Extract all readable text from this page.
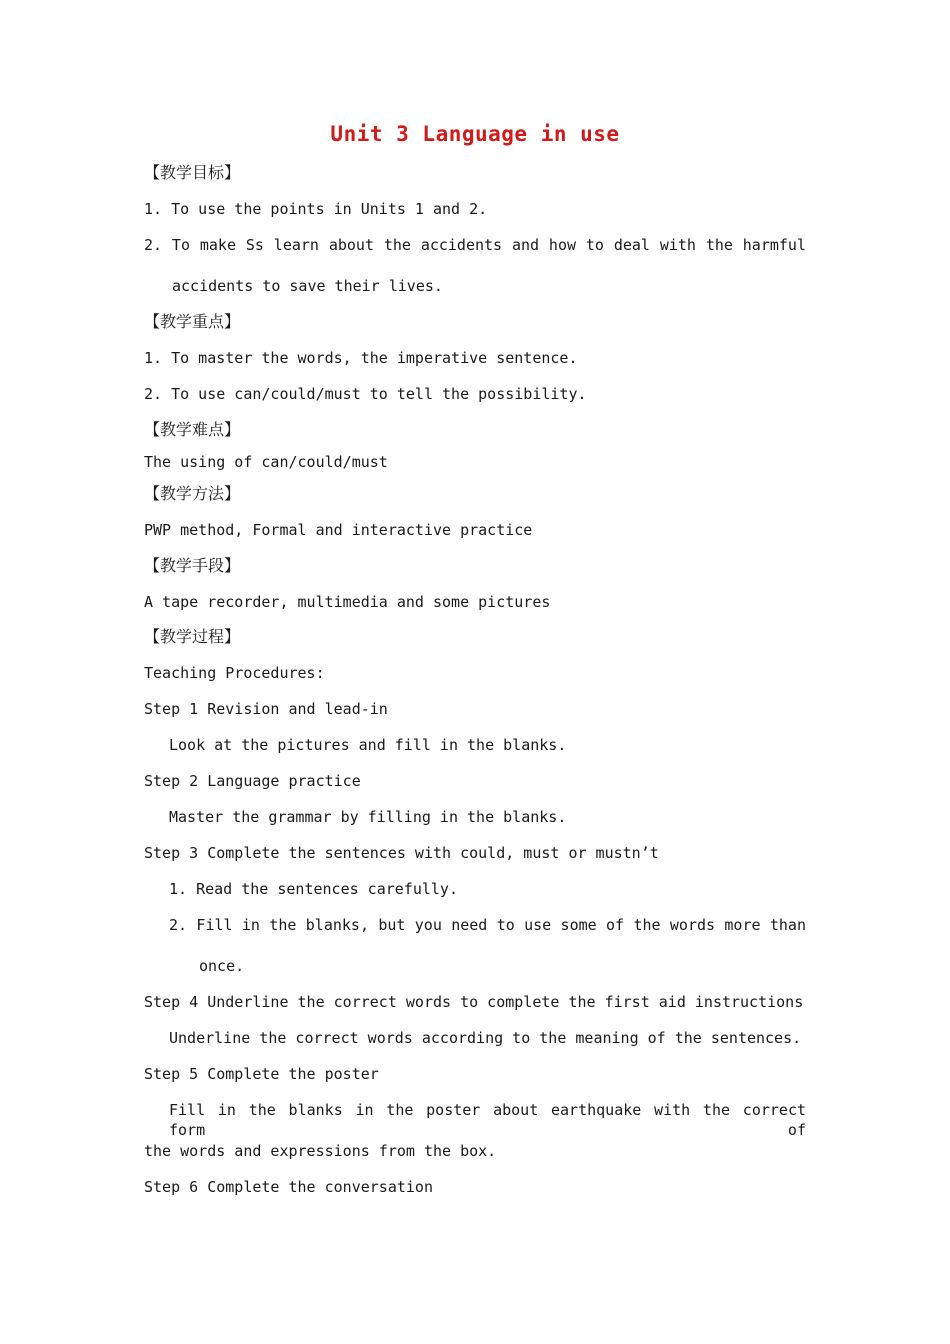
Unit 3 Language in use
【教学目标】
1. To use the points in Units 1 and 2.
2. To make Ss learn about the accidents and how to deal with the harmful
accidents to save their lives.
【教学重点】
1. To master the words, the imperative sentence.
2. To use can/could/must to tell the possibility.
【教学难点】
The using of can/could/must
【教学方法】
PWP method, Formal and interactive practice
【教学手段】
A tape recorder, multimedia and some pictures
【教学过程】
Teaching Procedures:
Step 1 Revision and lead-in
Look at the pictures and fill in the blanks.
Step 2 Language practice
Master the grammar by filling in the blanks.
Step 3 Complete the sentences with could, must or mustn’t
1. Read the sentences carefully.
2. Fill in the blanks, but you need to use some of the words more than
once.
Step 4 Underline the correct words to complete the first aid instructions
Underline the correct words according to the meaning of the sentences.
Step 5 Complete the poster
Fill in the blanks in the poster about earthquake with the correct form of
the words and expressions from the box.
Step 6 Complete the conversation
